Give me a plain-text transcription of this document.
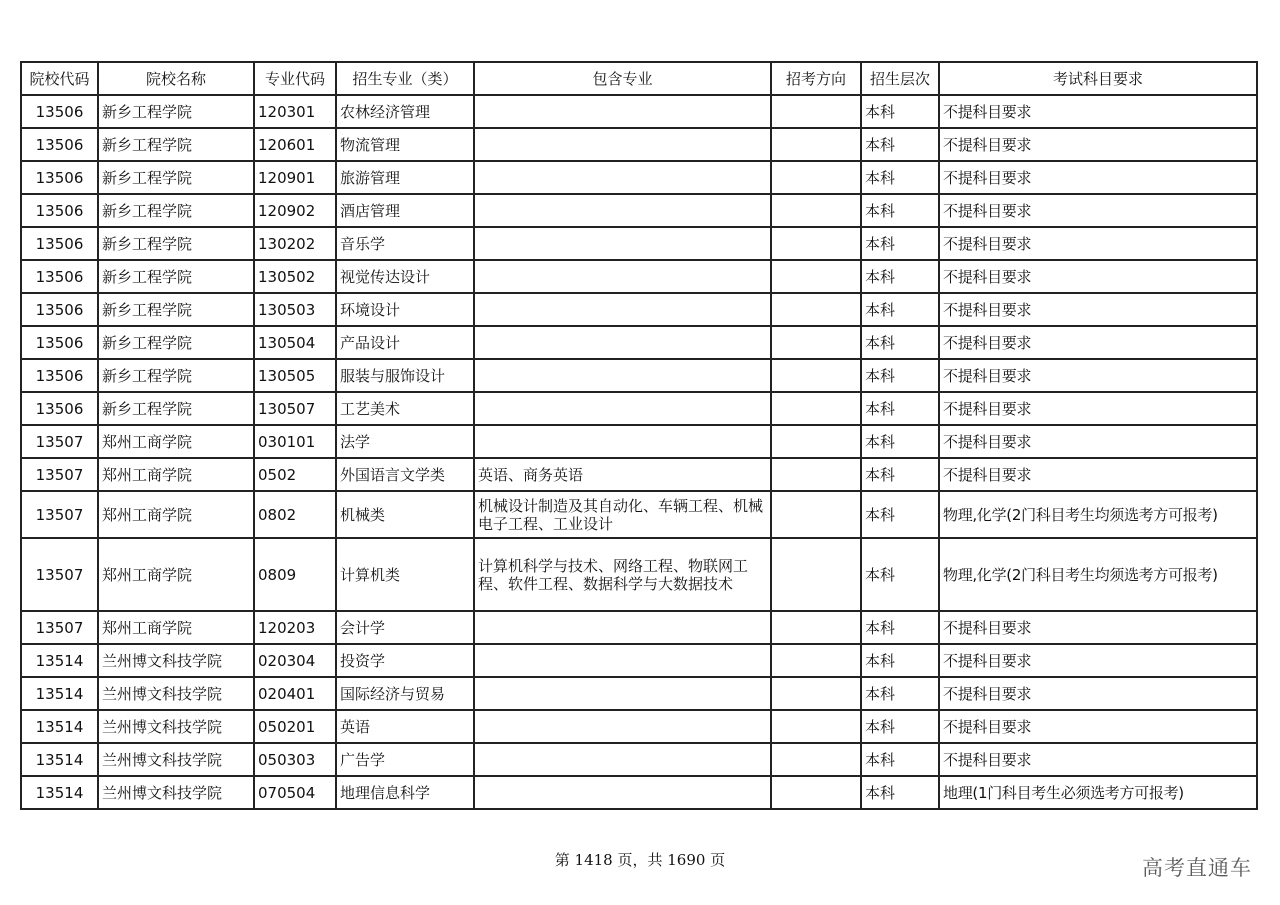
院校代码	院校名称	专业代码	招生专业（类）	包含专业	招考方向	招生层次	考试科目要求
13506	新乡工程学院	120301	农林经济管理			本科	不提科目要求
13506	新乡工程学院	120601	物流管理			本科	不提科目要求
13506	新乡工程学院	120901	旅游管理			本科	不提科目要求
13506	新乡工程学院	120902	酒店管理			本科	不提科目要求
13506	新乡工程学院	130202	音乐学			本科	不提科目要求
13506	新乡工程学院	130502	视觉传达设计			本科	不提科目要求
13506	新乡工程学院	130503	环境设计			本科	不提科目要求
13506	新乡工程学院	130504	产品设计			本科	不提科目要求
13506	新乡工程学院	130505	服装与服饰设计			本科	不提科目要求
13506	新乡工程学院	130507	工艺美术			本科	不提科目要求
13507	郑州工商学院	030101	法学			本科	不提科目要求
13507	郑州工商学院	0502	外国语言文学类	英语、商务英语		本科	不提科目要求
13507	郑州工商学院	0802	机械类	机械设计制造及其自动化、车辆工程、机械电子工程、工业设计		本科	物理,化学(2门科目考生均须选考方可报考)
13507	郑州工商学院	0809	计算机类	计算机科学与技术、网络工程、物联网工程、软件工程、数据科学与大数据技术		本科	物理,化学(2门科目考生均须选考方可报考)
13507	郑州工商学院	120203	会计学			本科	不提科目要求
13514	兰州博文科技学院	020304	投资学			本科	不提科目要求
13514	兰州博文科技学院	020401	国际经济与贸易			本科	不提科目要求
13514	兰州博文科技学院	050201	英语			本科	不提科目要求
13514	兰州博文科技学院	050303	广告学			本科	不提科目要求
13514	兰州博文科技学院	070504	地理信息科学			本科	地理(1门科目考生必须选考方可报考)
第 1418 页，共 1690 页	高考直通车
